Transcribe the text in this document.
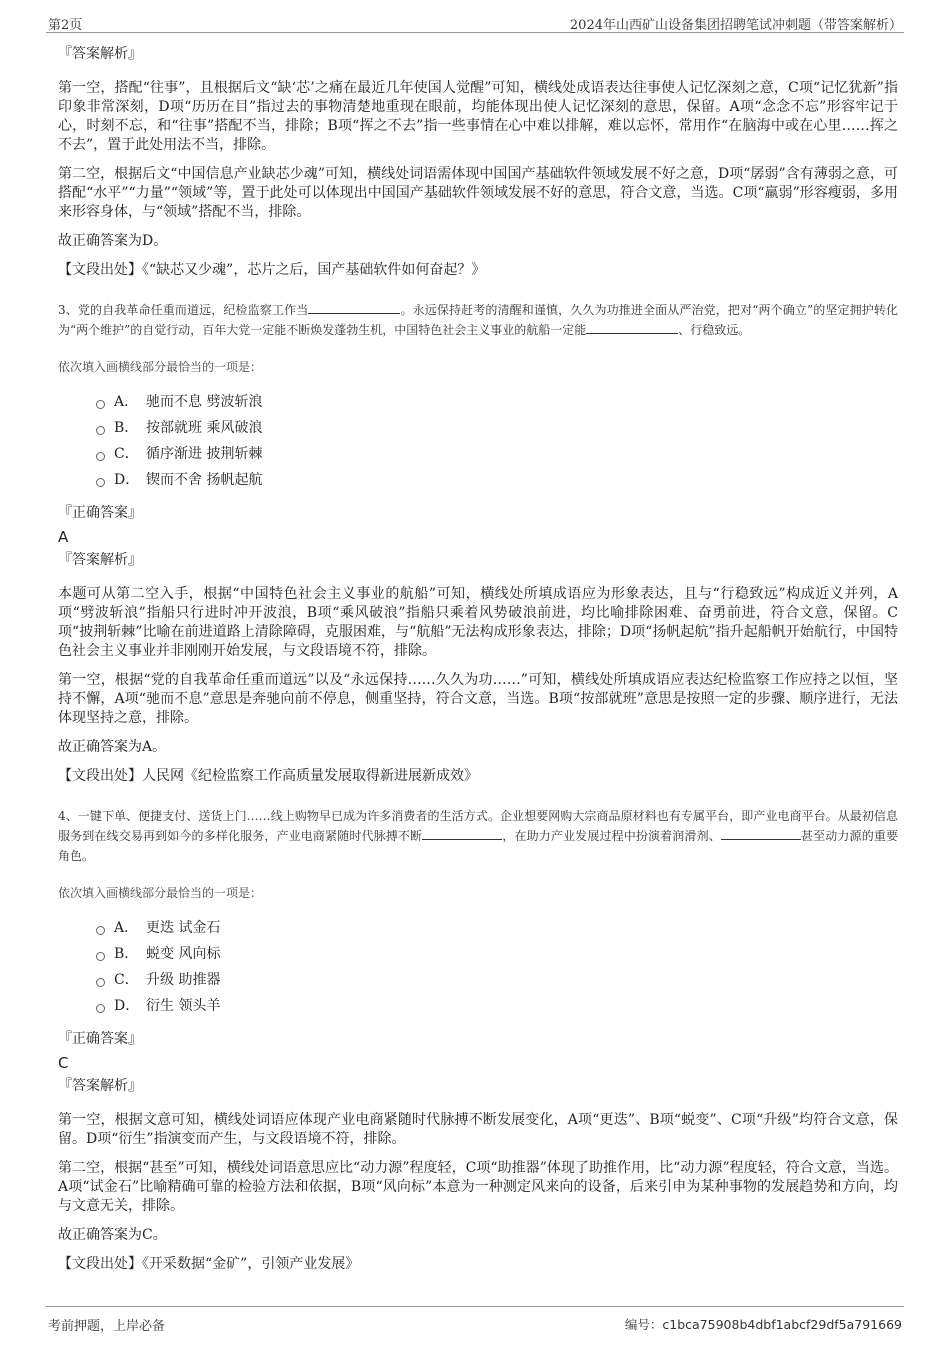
第2页	2024年山西矿山设备集团招聘笔试冲刺题（带答案解析）
『答案解析』

第一空，搭配“往事”，且根据后文“缺‘芯’之痛在最近几年使国人觉醒”可知，横线处成语表达往事使人记忆深刻之意，C项“记忆犹新”指印象非常深刻，D项“历历在目”指过去的事物清楚地重现在眼前，均能体现出使人记忆深刻的意思，保留。A项“念念不忘”形容牢记于心，时刻不忘，和“往事”搭配不当，排除；B项“挥之不去”指一些事情在心中难以排解，难以忘怀，常用作“在脑海中或在心里……挥之不去”，置于此处用法不当，排除。

第二空，根据后文“中国信息产业缺芯少魂”可知，横线处词语需体现中国国产基础软件领域发展不好之意，D项“孱弱”含有薄弱之意，可搭配“水平”“力量”“领域”等，置于此处可以体现出中国国产基础软件领域发展不好的意思，符合文意，当选。C项“羸弱”形容瘦弱，多用来形容身体，与“领域”搭配不当，排除。

故正确答案为D。

【文段出处】《“缺芯又少魂”，芯片之后，国产基础软件如何奋起？》

3、党的自我革命任重而道远，纪检监察工作当	。永远保持赶考的清醒和谨慎，久久为功推进全面从严治党，把对“两个确立”的坚定拥护转化为“两个维护”的自觉行动，百年大党一定能不断焕发蓬勃生机，中国特色社会主义事业的航船一定能	、行稳致远。

依次填入画横线部分最恰当的一项是：
A． 驰而不息 劈波斩浪
B． 按部就班 乘风破浪
C． 循序渐进 披荆斩棘
D． 锲而不舍 扬帆起航
『正确答案』
A
『答案解析』

本题可从第二空入手，根据“中国特色社会主义事业的航船”可知，横线处所填成语应为形象表达，且与“行稳致远”构成近义并列，A项“劈波斩浪”指船只行进时冲开波浪，B项“乘风破浪”指船只乘着风势破浪前进，均比喻排除困难、奋勇前进，符合文意，保留。C项“披荆斩棘”比喻在前进道路上清除障碍，克服困难，与“航船”无法构成形象表达，排除；D项“扬帆起航”指升起船帆开始航行，中国特色社会主义事业并非刚刚开始发展，与文段语境不符，排除。

第一空，根据“党的自我革命任重而道远”以及“永远保持……久久为功……”可知，横线处所填成语应表达纪检监察工作应持之以恒，坚持不懈，A项“驰而不息”意思是奔驰向前不停息，侧重坚持，符合文意，当选。B项“按部就班”意思是按照一定的步骤、顺序进行，无法体现坚持之意，排除。

故正确答案为A。

【文段出处】人民网《纪检监察工作高质量发展取得新进展新成效》

4、一键下单、便捷支付、送货上门……线上购物早已成为许多消费者的生活方式。企业想要网购大宗商品原材料也有专属平台，即产业电商平台。从最初信息服务到在线交易再到如今的多样化服务，产业电商紧随时代脉搏不断	，在助力产业发展过程中扮演着润滑剂、	甚至动力源的重要角色。

依次填入画横线部分最恰当的一项是：
A． 更迭 试金石
B． 蜕变 风向标
C． 升级 助推器
D． 衍生 领头羊
『正确答案』
C
『答案解析』

第一空，根据文意可知，横线处词语应体现产业电商紧随时代脉搏不断发展变化，A项“更迭”、B项“蜕变”、C项“升级”均符合文意，保留。D项“衍生”指演变而产生，与文段语境不符，排除。

第二空，根据“甚至”可知，横线处词语意思应比“动力源”程度轻，C项“助推器”体现了助推作用，比“动力源”程度轻，符合文意，当选。A项“试金石”比喻精确可靠的检验方法和依据，B项“风向标”本意为一种测定风来向的设备，后来引申为某种事物的发展趋势和方向，均与文意无关，排除。

故正确答案为C。

【文段出处】《开采数据“金矿”，引领产业发展》

考前押题，上岸必备	编号：c1bca75908b4dbf1abcf29df5a791669
